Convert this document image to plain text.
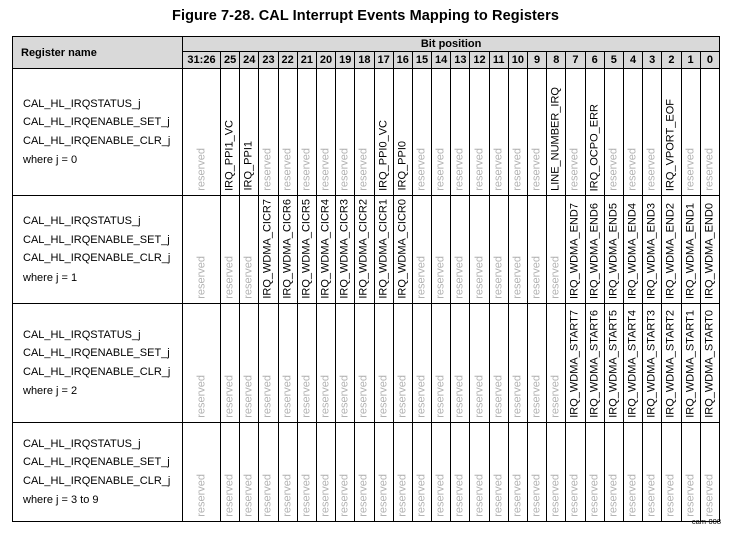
Figure 7-28. CAL Interrupt Events Mapping to Registers
Register name	Bit position																										
	31:26	25	24	23	22	21	20	19	18	17	16	15	14	13	12	11	10	9	8	7	6	5	4	3	2	1	0

CAL_HL_IRQSTATUS_j
CAL_HL_IRQENABLE_SET_j
CAL_HL_IRQENABLE_CLR_j
where j = 0	reserved	IRQ_PPI1_VC	IRQ_PPI1	reserved	reserved	reserved	reserved	reserved	reserved	IRQ_PPI0_VC	IRQ_PPI0	reserved	reserved	reserved	reserved	reserved	reserved	reserved	LINE_NUMBER_IRQ	reserved	IRQ_OCPO_ERR	reserved	reserved	reserved	IRQ_VPORT_EOF	reserved	reserved

CAL_HL_IRQSTATUS_j
CAL_HL_IRQENABLE_SET_j
CAL_HL_IRQENABLE_CLR_j
where j = 1	reserved	reserved	reserved	IRQ_WDMA_CICR7	IRQ_WDMA_CICR6	IRQ_WDMA_CICR5	IRQ_WDMA_CICR4	IRQ_WDMA_CICR3	IRQ_WDMA_CICR2	IRQ_WDMA_CICR1	IRQ_WDMA_CICR0	reserved	reserved	reserved	reserved	reserved	reserved	reserved	reserved	IRQ_WDMA_END7	IRQ_WDMA_END6	IRQ_WDMA_END5	IRQ_WDMA_END4	IRQ_WDMA_END3	IRQ_WDMA_END2	IRQ_WDMA_END1	IRQ_WDMA_END0

CAL_HL_IRQSTATUS_j
CAL_HL_IRQENABLE_SET_j
CAL_HL_IRQENABLE_CLR_j
where j = 2	reserved	reserved	reserved	reserved	reserved	reserved	reserved	reserved	reserved	reserved	reserved	reserved	reserved	reserved	reserved	reserved	reserved	reserved	reserved	IRQ_WDMA_START7	IRQ_WDMA_START6	IRQ_WDMA_START5	IRQ_WDMA_START4	IRQ_WDMA_START3	IRQ_WDMA_START2	IRQ_WDMA_START1	IRQ_WDMA_START0

CAL_HL_IRQSTATUS_j
CAL_HL_IRQENABLE_SET_j
CAL_HL_IRQENABLE_CLR_j
where j = 3 to 9	reserved	reserved	reserved	reserved	reserved	reserved	reserved	reserved	reserved	reserved	reserved	reserved	reserved	reserved	reserved	reserved	reserved	reserved	reserved	reserved	reserved	reserved	reserved	reserved	reserved	reserved	reserved
cam-008
